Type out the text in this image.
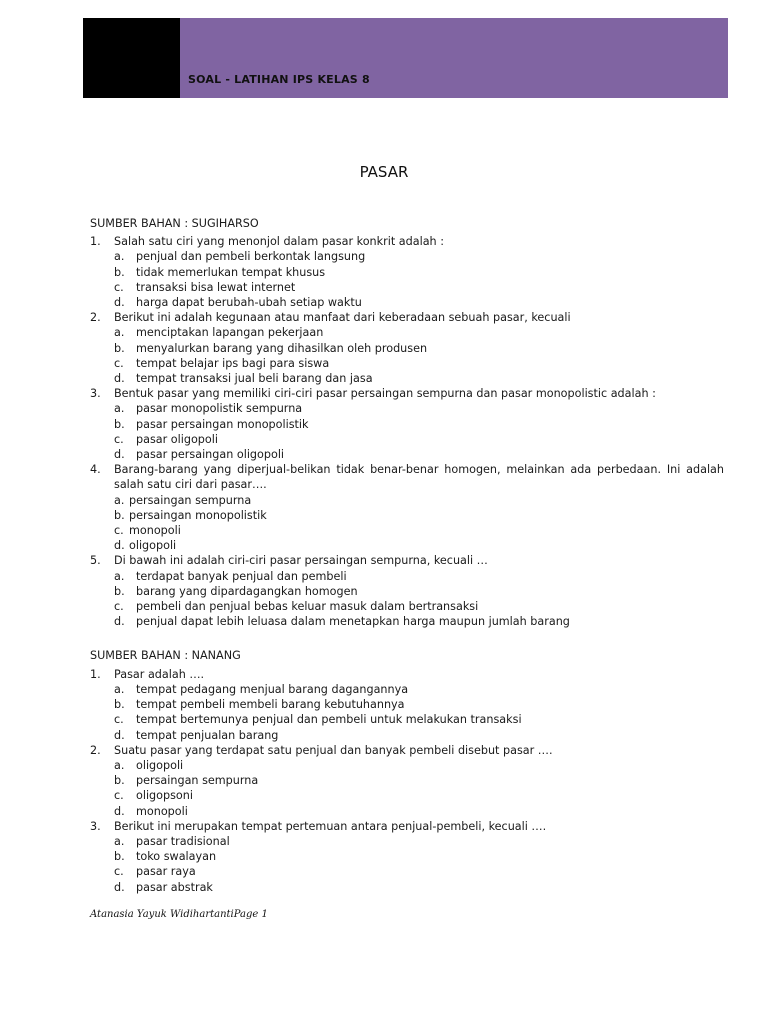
SOAL - LATIHAN IPS KELAS 8
PASAR
SUMBER BAHAN : SUGIHARSO
1.	Salah satu ciri yang menonjol dalam pasar konkrit adalah :
a.	penjual dan pembeli berkontak langsung
b.	tidak memerlukan tempat khusus
c.	transaksi bisa lewat internet
d.	harga dapat berubah-ubah setiap waktu
2.	Berikut ini adalah kegunaan atau manfaat dari keberadaan sebuah pasar, kecuali
a.	menciptakan lapangan pekerjaan
b.	menyalurkan barang yang dihasilkan oleh produsen
c.	tempat belajar ips bagi para siswa
d.	tempat transaksi jual beli barang dan jasa
3.	Bentuk pasar yang memiliki ciri-ciri pasar persaingan sempurna dan pasar monopolistic adalah :
a.	pasar monopolistik sempurna
b.	pasar persaingan monopolistik
c.	pasar oligopoli
d.	pasar persaingan oligopoli
4.	Barang-barang yang diperjual-belikan tidak benar-benar homogen, melainkan ada perbedaan. Ini adalah salah satu ciri dari pasar….
a. persaingan sempurna
b. persaingan monopolistik
c. monopoli
d. oligopoli
5.	Di bawah ini adalah ciri-ciri pasar persaingan sempurna, kecuali …
a.	terdapat banyak penjual dan pembeli
b.	barang yang dipardagangkan homogen
c.	pembeli dan penjual bebas keluar masuk dalam bertransaksi
d.	penjual dapat lebih leluasa dalam menetapkan harga maupun jumlah barang
SUMBER BAHAN : NANANG
1.	Pasar adalah ….
a.	tempat pedagang menjual barang dagangannya
b.	tempat pembeli membeli barang kebutuhannya
c.	tempat bertemunya penjual dan pembeli untuk melakukan transaksi
d.	tempat penjualan barang
2.	Suatu pasar yang terdapat satu penjual dan banyak pembeli disebut pasar ….
a.	oligopoli
b.	persaingan sempurna
c.	oligopsoni
d.	monopoli
3.	Berikut ini merupakan tempat pertemuan antara penjual-pembeli, kecuali ….
a.	pasar tradisional
b.	toko swalayan
c.	pasar raya
d.	pasar abstrak
Atanasia Yayuk WidihartantiPage 1
